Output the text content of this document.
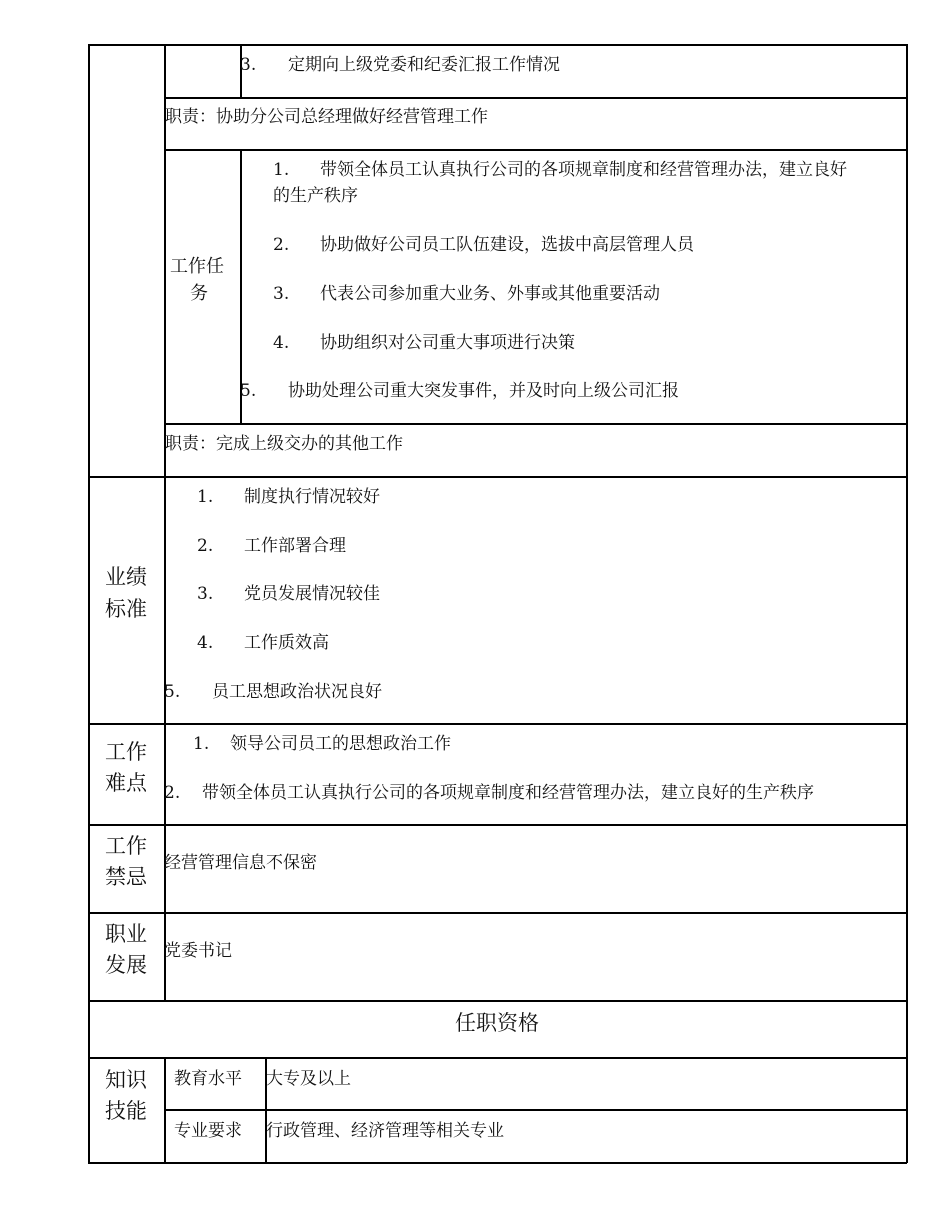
3. 定期向上级党委和纪委汇报工作情况
职责：协助分公司总经理做好经营管理工作
工作任
务
1. 带领全体员工认真执行公司的各项规章制度和经营管理办法，建立良好
的生产秩序
2. 协助做好公司员工队伍建设，选拔中高层管理人员
3. 代表公司参加重大业务、外事或其他重要活动
4. 协助组织对公司重大事项进行决策
5. 协助处理公司重大突发事件，并及时向上级公司汇报
职责：完成上级交办的其他工作
业绩
标准
1. 制度执行情况较好
2. 工作部署合理
3. 党员发展情况较佳
4. 工作质效高
5. 员工思想政治状况良好
工作
难点
1. 领导公司员工的思想政治工作
2. 带领全体员工认真执行公司的各项规章制度和经营管理办法，建立良好的生产秩序
工作
禁忌
经营管理信息不保密
职业
发展
党委书记
任职资格
知识
技能
教育水平 大专及以上
专业要求 行政管理、经济管理等相关专业
